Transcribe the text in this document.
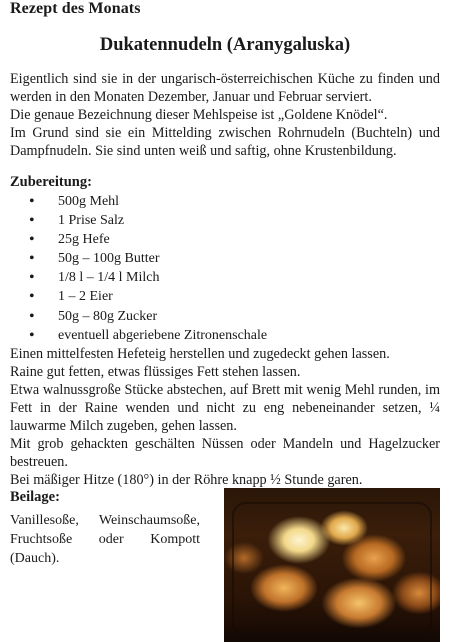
Rezept des Monats
Dukatennudeln (Aranygaluska)

Eigentlich sind sie in der ungarisch-österreichischen Küche zu finden und werden in den Monaten Dezember, Januar und Februar serviert.

Die genaue Bezeichnung dieser Mehlspeise ist „Goldene Knödel“.

Im Grund sind sie ein Mittelding zwischen Rohrnudeln (Buchteln) und Dampfnudeln. Sie sind unten weiß und saftig, ohne Krustenbildung.

Zubereitung:
• 500g Mehl
• 1 Prise Salz
• 25g Hefe
• 50g – 100g Butter
• 1/8 l – 1/4 l Milch
• 1 – 2 Eier
• 50g – 80g Zucker
• eventuell abgeriebene Zitronenschale

Einen mittelfesten Hefeteig herstellen und zugedeckt gehen lassen.

Raine gut fetten, etwas flüssiges Fett stehen lassen.

Etwa walnussgroße Stücke abstechen, auf Brett mit wenig Mehl runden, im Fett in der Raine wenden und nicht zu eng nebeneinander setzen, ¼ lauwarme Milch zugeben, gehen lassen.

Mit grob gehackten geschälten Nüssen oder Mandeln und Hagelzucker bestreuen.

Bei mäßiger Hitze (180°) in der Röhre knapp ½ Stunde garen.

Beilage:
Vanillesoße, Weinschaumsoße,
Fruchtsoße oder Kompott
(Dauch).
